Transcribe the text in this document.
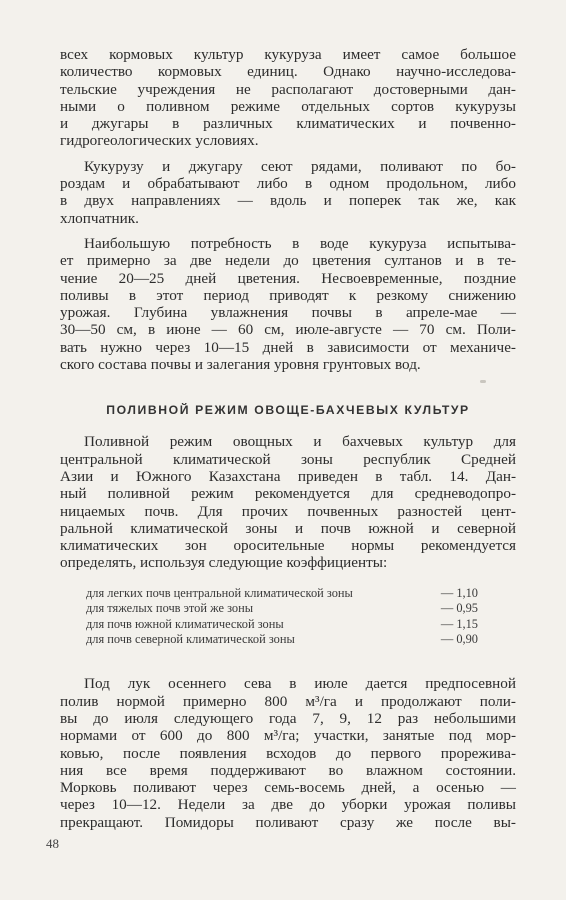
всех кормовых культур кукуруза имеет самое большое
количество кормовых единиц. Однако научно-исследова-
тельские учреждения не располагают достоверными дан-
ными о поливном режиме отдельных сортов кукурузы
и джугары в различных климатических и почвенно-
гидрогеологических условиях.

Кукурузу и джугару сеют рядами, поливают по бо-

роздам и обрабатывают либо в одном продольном, либо
в двух направлениях — вдоль и поперек так же, как
хлопчатник.

Наибольшую потребность в воде кукуруза испытыва-

ет примерно за две недели до цветения султанов и в те-
чение 20—25 дней цветения. Несвоевременные, поздние
поливы в этот период приводят к резкому снижению
урожая. Глубина увлажнения почвы в апреле-мае —
30—50 см, в июне — 60 см, июле-августе — 70 см. Поли-
вать нужно через 10—15 дней в зависимости от механиче-
ского состава почвы и залегания уровня грунтовых вод.

ПОЛИВНОЙ РЕЖИМ ОВОЩЕ-БАХЧЕВЫХ КУЛЬТУР

Поливной режим овощных и бахчевых культур для

центральной климатической зоны республик Средней
Азии и Южного Казахстана приведен в табл. 14. Дан-
ный поливной режим рекомендуется для средневодопро-
ницаемых почв. Для прочих почвенных разностей цент-
ральной климатической зоны и почв южной и северной
климатических зон оросительные нормы рекомендуется
определять, используя следующие коэффициенты:

для легких почв центральной климатической зоны	— 1,10
для тяжелых почв этой же зоны	— 0,95
для почв южной климатической зоны	— 1,15
для почв северной климатической зоны	— 0,90

Под лук осеннего сева в июле дается предпосевной

полив нормой примерно 800 м³/га и продолжают поли-
вы до июля следующего года 7, 9, 12 раз небольшими
нормами от 600 до 800 м³/га; участки, занятые под мор-
ковью, после появления всходов до первого прореживa-
ния все время поддерживают во влажном состоянии.
Морковь поливают через семь-восемь дней, а осенью —
через 10—12. Недели за две до уборки урожая поливы
прекращают. Помидоры поливают сразу же после вы-

48
